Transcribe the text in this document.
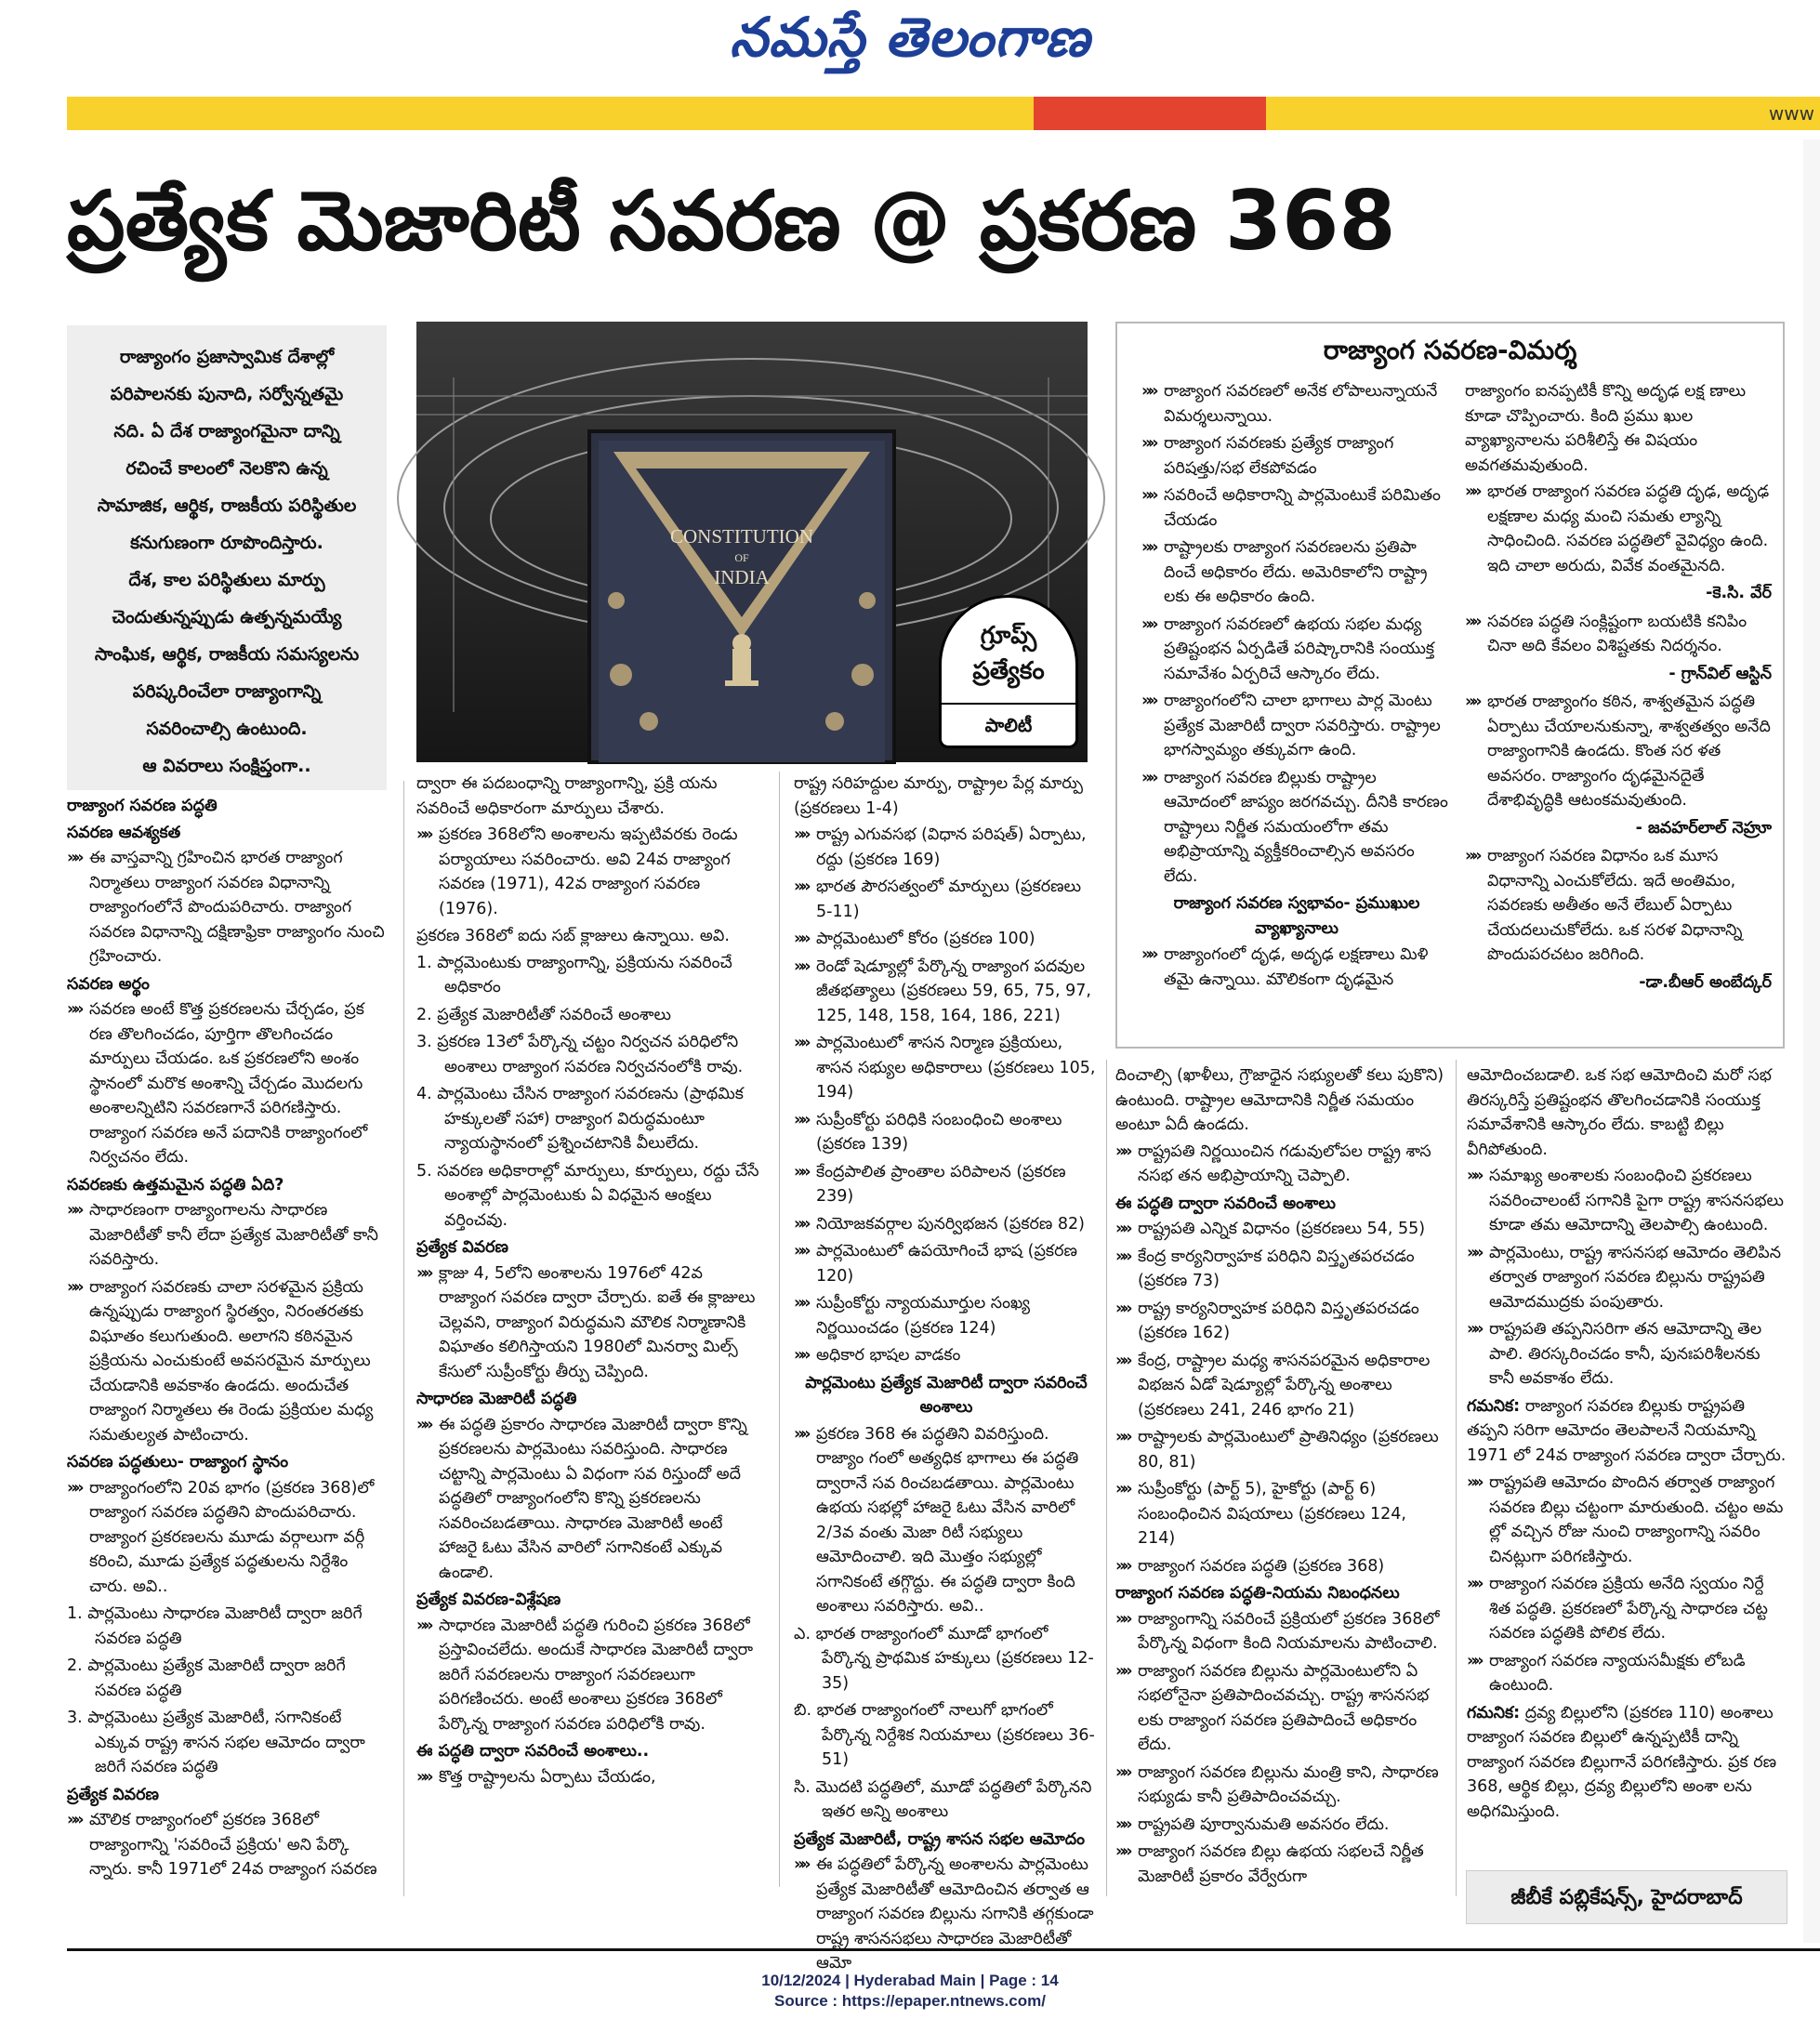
నమస్తే తెలంగాణ
www
ప్రత్యేక మెజారిటీ సవరణ @ ప్రకరణ 368
రాజ్యాంగం ప్రజాస్వామిక దేశాల్లో
పరిపాలనకు పునాది, సర్వోన్నతమై
నది. ఏ దేశ రాజ్యాంగమైనా దాన్ని
రచించే కాలంలో నెలకొని ఉన్న
సామాజిక, ఆర్థిక, రాజకీయ పరిస్థితుల
కనుగుణంగా రూపొందిస్తారు.
దేశ, కాల పరిస్థితులు మార్పు
చెందుతున్నప్పుడు ఉత్పన్నమయ్యే
సాంఘిక, ఆర్థిక, రాజకీయ సమస్యలను
పరిష్కరించేలా రాజ్యాంగాన్ని
సవరించాల్సి ఉంటుంది.
ఆ వివరాలు సంక్షిప్తంగా..
CONSTITUTION
OF
INDIA
గ్రూప్స్
ప్రత్యేకం
పాలిటీ

రాజ్యాంగ సవరణ పద్ధతి

సవరణ ఆవశ్యకత

»» ఈ వాస్తవాన్ని గ్రహించిన భారత రాజ్యాంగ నిర్మాతలు రాజ్యాంగ సవరణ విధానాన్ని రాజ్యాంగంలోనే పొందుపరిచారు. రాజ్యాంగ సవరణ విధానాన్ని దక్షిణాఫ్రికా రాజ్యాంగం నుంచి గ్రహించారు.

సవరణ అర్థం

»» సవరణ అంటే కొత్త ప్రకరణలను చేర్చడం, ప్రక రణ తొలగించడం, పూర్తిగా తొలగించడం మార్పులు చేయడం. ఒక ప్రకరణలోని అంశం స్థానంలో మరొక అంశాన్ని చేర్చడం మొదలగు అంశాలన్నిటిని సవరణగానే పరిగణిస్తారు. రాజ్యాంగ సవరణ అనే పదానికి రాజ్యాంగంలో నిర్వచనం లేదు.

సవరణకు ఉత్తమమైన పద్ధతి ఏది?

»» సాధారణంగా రాజ్యాంగాలను సాధారణ మెజారిటీతో కానీ లేదా ప్రత్యేక మెజారిటీతో కానీ సవరిస్తారు.

»» రాజ్యాంగ సవరణకు చాలా సరళమైన ప్రక్రియ ఉన్నప్పుడు రాజ్యాంగ స్థిరత్వం, నిరంతరతకు విఘాతం కలుగుతుంది. అలాగని కఠినమైన ప్రక్రియను ఎంచుకుంటే అవసరమైన మార్పులు చేయడానికి అవకాశం ఉండదు. అందుచేత రాజ్యాంగ నిర్మాతలు ఈ రెండు ప్రక్రియల మధ్య సమతుల్యత పాటించారు.

సవరణ పద్ధతులు- రాజ్యాంగ స్థానం

»» రాజ్యాంగంలోని 20వ భాగం (ప్రకరణ 368)లో రాజ్యాంగ సవరణ పద్ధతిని పొందుపరిచారు. రాజ్యాంగ ప్రకరణలను మూడు వర్గాలుగా వర్గీ కరించి, మూడు ప్రత్యేక పద్ధతులను నిర్దేశిం చారు. అవి..

1. పార్లమెంటు సాధారణ మెజారిటీ ద్వారా జరిగే సవరణ పద్ధతి

2. పార్లమెంటు ప్రత్యేక మెజారిటీ ద్వారా జరిగే సవరణ పద్ధతి

3. పార్లమెంటు ప్రత్యేక మెజారిటీ, సగానికంటే ఎక్కువ రాష్ట్ర శాసన సభల ఆమోదం ద్వారా జరిగే సవరణ పద్ధతి

ప్రత్యేక వివరణ

»» మౌలిక రాజ్యాంగంలో ప్రకరణ 368లో రాజ్యాంగాన్ని 'సవరించే ప్రక్రియ' అని పేర్కొ న్నారు. కానీ 1971లో 24వ రాజ్యాంగ సవరణ

ద్వారా ఈ పదబంధాన్ని రాజ్యాంగాన్ని, ప్రక్రి యను సవరించే అధికారంగా మార్పులు చేశారు.

»» ప్రకరణ 368లోని అంశాలను ఇప్పటివరకు రెండు పర్యాయాలు సవరించారు. అవి 24వ రాజ్యాంగ సవరణ (1971), 42వ రాజ్యాంగ సవరణ (1976).

ప్రకరణ 368లో ఐదు సబ్ క్లాజులు ఉన్నాయి. అవి.

1. పార్లమెంటుకు రాజ్యాంగాన్ని, ప్రక్రియను సవరించే అధికారం

2. ప్రత్యేక మెజారిటీతో సవరించే అంశాలు

3. ప్రకరణ 13లో పేర్కొన్న చట్టం నిర్వచన పరిధిలోని అంశాలు రాజ్యాంగ సవరణ నిర్వచనంలోకి రావు.

4. పార్లమెంటు చేసిన రాజ్యాంగ సవరణను (ప్రాథమిక హక్కులతో సహా) రాజ్యాంగ విరుద్ధమంటూ న్యాయస్థానంలో ప్రశ్నించటానికి వీలులేదు.

5. సవరణ అధికారాల్లో మార్పులు, కూర్పులు, రద్దు చేసే అంశాల్లో పార్లమెంటుకు ఏ విధమైన ఆంక్షలు వర్తించవు.

ప్రత్యేక వివరణ

»» క్లాజు 4, 5లోని అంశాలను 1976లో 42వ రాజ్యాంగ సవరణ ద్వారా చేర్చారు. ఐతే ఈ క్లాజులు చెల్లవని, రాజ్యాంగ విరుద్ధమని మౌలిక నిర్మాణానికి విఘాతం కలిగిస్తాయని 1980లో మినర్వా మిల్స్ కేసులో సుప్రీంకోర్టు తీర్పు చెప్పింది.

సాధారణ మెజారిటీ పద్ధతి

»» ఈ పద్ధతి ప్రకారం సాధారణ మెజారిటీ ద్వారా కొన్ని ప్రకరణలను పార్లమెంటు సవరిస్తుంది. సాధారణ చట్టాన్ని పార్లమెంటు ఏ విధంగా సవ రిస్తుందో అదే పద్ధతిలో రాజ్యాంగంలోని కొన్ని ప్రకరణలను సవరించబడతాయి. సాధారణ మెజారిటీ అంటే హాజరై ఓటు వేసిన వారిలో సగానికంటే ఎక్కువ ఉండాలి.

ప్రత్యేక వివరణ-విశ్లేషణ

»» సాధారణ మెజారిటీ పద్ధతి గురించి ప్రకరణ 368లో ప్రస్తావించలేదు. అందుకే సాధారణ మెజారిటీ ద్వారా జరిగే సవరణలను రాజ్యాంగ సవరణలుగా పరిగణించరు. అంటే అంశాలు ప్రకరణ 368లో పేర్కొన్న రాజ్యాంగ సవరణ పరిధిలోకి రావు.

ఈ పద్ధతి ద్వారా సవరించే అంశాలు..

»» కొత్త రాష్ట్రాలను ఏర్పాటు చేయడం,

రాష్ట్ర సరిహద్దుల మార్పు, రాష్ట్రాల పేర్ల మార్పు (ప్రకరణలు 1-4)

»» రాష్ట్ర ఎగువసభ (విధాన పరిషత్) ఏర్పాటు, రద్దు (ప్రకరణ 169)

»» భారత పౌరసత్వంలో మార్పులు (ప్రకరణలు 5-11)

»» పార్లమెంటులో కోరం (ప్రకరణ 100)

»» రెండో షెడ్యూల్లో పేర్కొన్న రాజ్యాంగ పదవుల జీతభత్యాలు (ప్రకరణలు 59, 65, 75, 97, 125, 148, 158, 164, 186, 221)

»» పార్లమెంటులో శాసన నిర్మాణ ప్రక్రియలు, శాసన సభ్యుల అధికారాలు (ప్రకరణలు 105, 194)

»» సుప్రీంకోర్టు పరిధికి సంబంధించి అంశాలు (ప్రకరణ 139)

»» కేంద్రపాలిత ప్రాంతాల పరిపాలన (ప్రకరణ 239)

»» నియోజకవర్గాల పునర్విభజన (ప్రకరణ 82)

»» పార్లమెంటులో ఉపయోగించే భాష (ప్రకరణ 120)

»» సుప్రీంకోర్టు న్యాయమూర్తుల సంఖ్య నిర్ణయించడం (ప్రకరణ 124)

»» అధికార భాషల వాడకం

పార్లమెంటు ప్రత్యేక మెజారిటీ ద్వారా సవరించే అంశాలు

»» ప్రకరణ 368 ఈ పద్ధతిని వివరిస్తుంది. రాజ్యాం గంలో అత్యధిక భాగాలు ఈ పద్ధతి ద్వారానే సవ రించబడతాయి. పార్లమెంటు ఉభయ సభల్లో హాజరై ఓటు వేసిన వారిలో 2/3వ వంతు మెజా రిటీ సభ్యులు ఆమోదించాలి. ఇది మొత్తం సభ్యుల్లో సగానికంటే తగ్గొద్దు. ఈ పద్ధతి ద్వారా కింది అంశాలు సవరిస్తారు. అవి..

ఎ. భారత రాజ్యాంగంలో మూడో భాగంలో పేర్కొన్న ప్రాథమిక హక్కులు (ప్రకరణలు 12-35)

బి. భారత రాజ్యాంగంలో నాలుగో భాగంలో పేర్కొన్న నిర్దేశిక నియమాలు (ప్రకరణలు 36-51)

సి. మొదటి పద్ధతిలో, మూడో పద్ధతిలో పేర్కొనని ఇతర అన్ని అంశాలు

ప్రత్యేక మెజారిటీ, రాష్ట్ర శాసన సభల ఆమోదం

»» ఈ పద్ధతిలో పేర్కొన్న అంశాలను పార్లమెంటు ప్రత్యేక మెజారిటీతో ఆమోదించిన తర్వాత ఆ రాజ్యాంగ సవరణ బిల్లును సగానికి తగ్గకుండా రాష్ట్ర శాసనసభలు సాధారణ మెజారిటీతో ఆమో

రాజ్యాంగ సవరణ-విమర్శ

»» రాజ్యాంగ సవరణలో అనేక లోపాలున్నాయనే విమర్శలున్నాయి.

»» రాజ్యాంగ సవరణకు ప్రత్యేక రాజ్యాంగ పరిషత్తు/సభ లేకపోవడం

»» సవరించే అధికారాన్ని పార్లమెంటుకే పరిమితం చేయడం

»» రాష్ట్రాలకు రాజ్యాంగ సవరణలను ప్రతిపా దించే అధికారం లేదు. అమెరికాలోని రాష్ట్రా లకు ఈ అధికారం ఉంది.

»» రాజ్యాంగ సవరణలో ఉభయ సభల మధ్య ప్రతిష్టంభన ఏర్పడితే పరిష్కారానికి సంయుక్త సమావేశం ఏర్పరిచే ఆస్కారం లేదు.

»» రాజ్యాంగంలోని చాలా భాగాలు పార్ల మెంటు ప్రత్యేక మెజారిటీ ద్వారా సవరిస్తారు. రాష్ట్రాల భాగస్వామ్యం తక్కువగా ఉంది.

»» రాజ్యాంగ సవరణ బిల్లుకు రాష్ట్రాల ఆమోదంలో జాప్యం జరగవచ్చు. దీనికి కారణం రాష్ట్రాలు నిర్ణీత సమయంలోగా తమ అభిప్రాయాన్ని వ్యక్తీకరించాల్సిన అవసరం లేదు.

రాజ్యాంగ సవరణ స్వభావం- ప్రముఖుల వ్యాఖ్యానాలు

»» రాజ్యాంగంలో దృఢ, అదృఢ లక్షణాలు మిళి తమై ఉన్నాయి. మౌలికంగా దృఢమైన

రాజ్యాంగం ఐనప్పటికీ కొన్ని అదృఢ లక్ష ణాలు కూడా చొప్పించారు. కింది ప్రము ఖుల వ్యాఖ్యానాలను పరిశీలిస్తే ఈ విషయం అవగతమవుతుంది.

»» భారత రాజ్యాంగ సవరణ పద్ధతి దృఢ, అదృఢ లక్షణాల మధ్య మంచి సమతు ల్యాన్ని సాధించింది. సవరణ పద్ధతిలో వైవిధ్యం ఉంది. ఇది చాలా అరుదు, వివేక వంతమైనది.

-కె.సి. వేర్

»» సవరణ పద్ధతి సంక్లిష్టంగా బయటికి కనిపిం చినా అది కేవలం విశిష్టతకు నిదర్శనం.

- గ్రాన్‌విల్ ఆస్టిన్

»» భారత రాజ్యాంగం కఠిన, శాశ్వతమైన పద్ధతి ఏర్పాటు చేయాలనుకున్నా, శాశ్వతత్వం అనేది రాజ్యాంగానికి ఉండదు. కొంత సర ళత అవసరం. రాజ్యాంగం దృఢమైనదైతే దేశాభివృద్ధికి ఆటంకమవుతుంది.

- జవహర్‌లాల్ నెహ్రూ

»» రాజ్యాంగ సవరణ విధానం ఒక మూస విధానాన్ని ఎంచుకోలేదు. ఇదే అంతిమం, సవరణకు అతీతం అనే లేబుల్ ఏర్పాటు చేయదలుచుకోలేదు. ఒక సరళ విధానాన్ని పొందుపరచటం జరిగింది.

-డా.బీఆర్ అంబేద్కర్

దించాల్సి (ఖాళీలు, గ్రౌజాధైన సభ్యులతో కలు పుకొని) ఉంటుంది. రాష్ట్రాల ఆమోదానికి నిర్ణీత సమయం అంటూ ఏదీ ఉండదు.

»» రాష్ట్రపతి నిర్ణయించిన గడువులోపల రాష్ట్ర శాస నసభ తన అభిప్రాయాన్ని చెప్పాలి.

ఈ పద్ధతి ద్వారా సవరించే అంశాలు

»» రాష్ట్రపతి ఎన్నిక విధానం (ప్రకరణలు 54, 55)

»» కేంద్ర కార్యనిర్వాహక పరిధిని విస్తృతపరచడం (ప్రకరణ 73)

»» రాష్ట్ర కార్యనిర్వాహక పరిధిని విస్తృతపరచడం (ప్రకరణ 162)

»» కేంద్ర, రాష్ట్రాల మధ్య శాసనపరమైన అధికారాల విభజన ఏడో షెడ్యూల్లో పేర్కొన్న అంశాలు (ప్రకరణలు 241, 246 భాగం 21)

»» రాష్ట్రాలకు పార్లమెంటులో ప్రాతినిధ్యం (ప్రకరణలు 80, 81)

»» సుప్రీంకోర్టు (పార్ట్ 5), హైకోర్టు (పార్ట్ 6) సంబంధించిన విషయాలు (ప్రకరణలు 124, 214)

»» రాజ్యాంగ సవరణ పద్ధతి (ప్రకరణ 368)

రాజ్యాంగ సవరణ పద్ధతి-నియమ నిబంధనలు

»» రాజ్యాంగాన్ని సవరించే ప్రక్రియలో ప్రకరణ 368లో పేర్కొన్న విధంగా కింది నియమాలను పాటించాలి.

»» రాజ్యాంగ సవరణ బిల్లును పార్లమెంటులోని ఏ సభలోనైనా ప్రతిపాదించవచ్చు. రాష్ట్ర శాసనసభ లకు రాజ్యాంగ సవరణ ప్రతిపాదించే అధికారం లేదు.

»» రాజ్యాంగ సవరణ బిల్లును మంత్రి కాని, సాధారణ సభ్యుడు కానీ ప్రతిపాదించవచ్చు.

»» రాష్ట్రపతి పూర్వానుమతి అవసరం లేదు.

»» రాజ్యాంగ సవరణ బిల్లు ఉభయ సభలచే నిర్ణీత మెజారిటీ ప్రకారం వేర్వేరుగా

ఆమోదించబడాలి. ఒక సభ ఆమోదించి మరో సభ తిరస్కరిస్తే ప్రతిష్టంభన తొలగించడానికి సంయుక్త సమావేశానికి ఆస్కారం లేదు. కాబట్టి బిల్లు వీగిపోతుంది.

»» సమాఖ్య అంశాలకు సంబంధించి ప్రకరణలు సవరించాలంటే సగానికి పైగా రాష్ట్ర శాసనసభలు కూడా తమ ఆమోదాన్ని తెలపాల్సి ఉంటుంది.

»» పార్లమెంటు, రాష్ట్ర శాసనసభ ఆమోదం తెలిపిన తర్వాత రాజ్యాంగ సవరణ బిల్లును రాష్ట్రపతి ఆమోదముద్రకు పంపుతారు.

»» రాష్ట్రపతి తప్పనిసరిగా తన ఆమోదాన్ని తెల పాలి. తిరస్కరించడం కానీ, పునఃపరిశీలనకు కానీ అవకాశం లేదు.

గమనిక: రాజ్యాంగ సవరణ బిల్లుకు రాష్ట్రపతి తప్పని సరిగా ఆమోదం తెలపాలనే నియమాన్ని 1971 లో 24వ రాజ్యాంగ సవరణ ద్వారా చేర్చారు.

»» రాష్ట్రపతి ఆమోదం పొందిన తర్వాత రాజ్యాంగ సవరణ బిల్లు చట్టంగా మారుతుంది. చట్టం అమ ల్లో వచ్చిన రోజు నుంచి రాజ్యాంగాన్ని సవరిం చినట్లుగా పరిగణిస్తారు.

»» రాజ్యాంగ సవరణ ప్రక్రియ అనేది స్వయం నిర్దే శిత పద్ధతి. ప్రకరణలో పేర్కొన్న సాధారణ చట్ట సవరణ పద్ధతికి పోలిక లేదు.

»» రాజ్యాంగ సవరణ న్యాయసమీక్షకు లోబడి ఉంటుంది.

గమనిక: ద్రవ్య బిల్లులోని (ప్రకరణ 110) అంశాలు రాజ్యాంగ సవరణ బిల్లులో ఉన్నప్పటికీ దాన్ని రాజ్యాంగ సవరణ బిల్లుగానే పరిగణిస్తారు. ప్రక రణ 368, ఆర్థిక బిల్లు, ద్రవ్య బిల్లులోని అంశా లను అధిగమిస్తుంది.

జీబీకే పబ్లికేషన్స్, హైదరాబాద్
10/12/2024 | Hyderabad Main | Page : 14
Source : https://epaper.ntnews.com/
